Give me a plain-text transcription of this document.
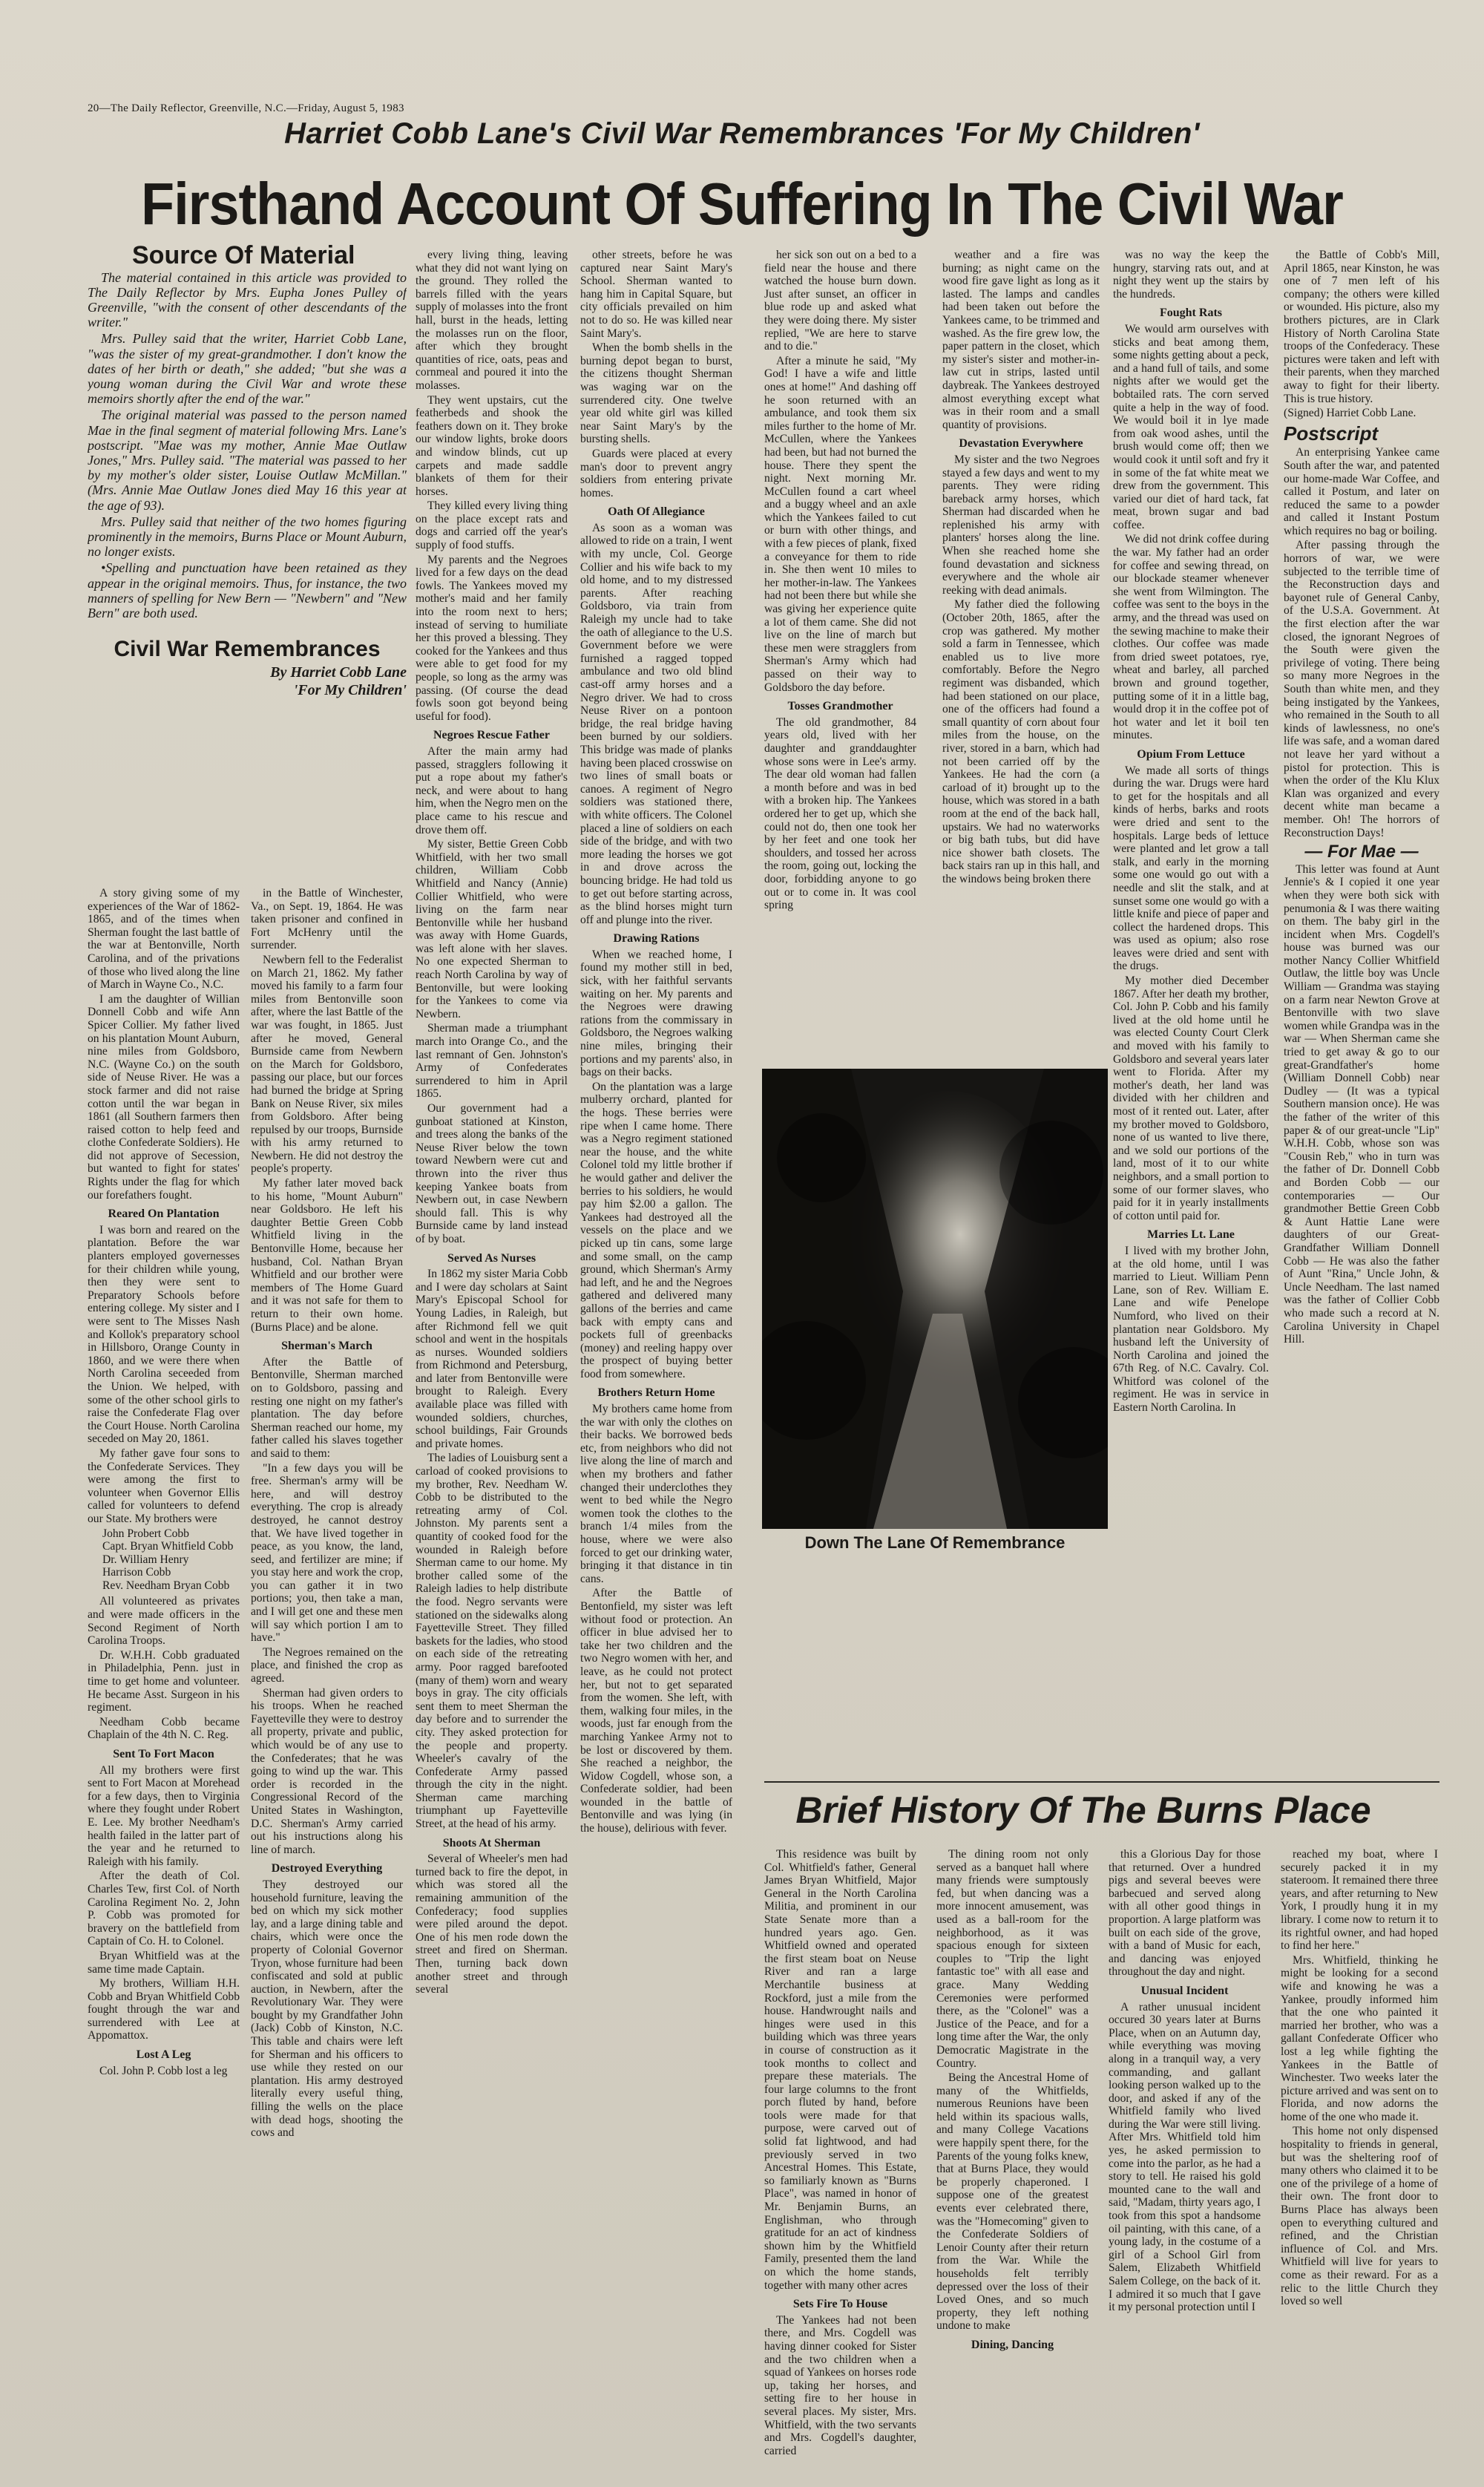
20—The Daily Reflector, Greenville, N.C.—Friday, August 5, 1983
Harriet Cobb Lane's Civil War Remembrances 'For My Children'
Firsthand Account Of Suffering In The Civil War
Source Of Material

The material contained in this article was provided to The Daily Reflector by Mrs. Eupha Jones Pulley of Greenville, "with the consent of other descendants of the writer."

Mrs. Pulley said that the writer, Harriet Cobb Lane, "was the sister of my great-grandmother. I don't know the dates of her birth or death," she added; "but she was a young woman during the Civil War and wrote these memoirs shortly after the end of the war."

The original material was passed to the person named Mae in the final segment of material following Mrs. Lane's postscript. "Mae was my mother, Annie Mae Outlaw Jones," Mrs. Pulley said. "The material was passed to her by my mother's older sister, Louise Outlaw McMillan." (Mrs. Annie Mae Outlaw Jones died May 16 this year at the age of 93).

Mrs. Pulley said that neither of the two homes figuring prominently in the memoirs, Burns Place or Mount Auburn, no longer exists.

•Spelling and punctuation have been retained as they appear in the original memoirs. Thus, for instance, the two manners of spelling for New Bern — "Newbern" and "New Bern" are both used.

Civil War Remembrances
By Harriet Cobb Lane
'For My Children'

A story giving some of my experiences of the War of 1862-1865, and of the times when Sherman fought the last battle of the war at Bentonville, North Carolina, and of the privations of those who lived along the line of March in Wayne Co., N.C.

I am the daughter of Willian Donnell Cobb and wife Ann Spicer Collier. My father lived on his plantation Mount Auburn, nine miles from Goldsboro, N.C. (Wayne Co.) on the south side of Neuse River. He was a stock farmer and did not raise cotton until the war began in 1861 (all Southern farmers then raised cotton to help feed and clothe Confederate Soldiers). He did not approve of Secession, but wanted to fight for states' Rights under the flag for which our forefathers fought.

Reared On Plantation

I was born and reared on the plantation. Before the war planters employed governesses for their children while young, then they were sent to Preparatory Schools before entering college. My sister and I were sent to The Misses Nash and Kollok's preparatory school in Hillsboro, Orange County in 1860, and we were there when North Carolina seceeded from the Union. We helped, with some of the other school girls to raise the Confederate Flag over the Court House. North Carolina seceded on May 20, 1861.

My father gave four sons to the Confederate Services. They were among the first to volunteer when Governor Ellis called for volunteers to defend our State. My brothers were

John Probert Cobb
Capt. Bryan Whitfield Cobb
Dr. William Henry
Harrison Cobb
Rev. Needham Bryan Cobb

All volunteered as privates and were made officers in the Second Regiment of North Carolina Troops.

Dr. W.H.H. Cobb graduated in Philadelphia, Penn. just in time to get home and volunteer. He became Asst. Surgeon in his regiment.

Needham Cobb became Chaplain of the 4th N. C. Reg.

Sent To Fort Macon

All my brothers were first sent to Fort Macon at Morehead for a few days, then to Virginia where they fought under Robert E. Lee. My brother Needham's health failed in the latter part of the year and he returned to Raleigh with his family.

After the death of Col. Charles Tew, first Col. of North Carolina Regiment No. 2, John P. Cobb was promoted for bravery on the battlefield from Captain of Co. H. to Colonel.

Bryan Whitfield was at the same time made Captain.

My brothers, William H.H. Cobb and Bryan Whitfield Cobb fought through the war and surrendered with Lee at Appomattox.

Lost A Leg

Col. John P. Cobb lost a leg

in the Battle of Winchester, Va., on Sept. 19, 1864. He was taken prisoner and confined in Fort McHenry until the surrender.

Newbern fell to the Federalist on March 21, 1862. My father moved his family to a farm four miles from Bentonville soon after, where the last Battle of the war was fought, in 1865. Just after he moved, General Burnside came from Newbern on the March for Goldsboro, passing our place, but our forces had burned the bridge at Spring Bank on Neuse River, six miles from Goldsboro. After being repulsed by our troops, Burnside with his army returned to Newbern. He did not destroy the people's property.

My father later moved back to his home, "Mount Auburn" near Goldsboro. He left his daughter Bettie Green Cobb Whitfield living in the Bentonville Home, because her husband, Col. Nathan Bryan Whitfield and our brother were members of The Home Guard and it was not safe for them to return to their own home. (Burns Place) and be alone.

Sherman's March

After the Battle of Bentonville, Sherman marched on to Goldsboro, passing and resting one night on my father's plantation. The day before Sherman reached our home, my father called his slaves together and said to them:

"In a few days you will be free. Sherman's army will be here, and will destroy everything. The crop is already destroyed, he cannot destroy that. We have lived together in peace, as you know, the land, seed, and fertilizer are mine; if you stay here and work the crop, you can gather it in two portions; you, then take a man, and I will get one and these men will say which portion I am to have."

The Negroes remained on the place, and finished the crop as agreed.

Sherman had given orders to his troops. When he reached Fayetteville they were to destroy all property, private and public, which would be of any use to the Confederates; that he was going to wind up the war. This order is recorded in the Congressional Record of the United States in Washington, D.C. Sherman's Army carried out his instructions along his line of march.

Destroyed Everything

They destroyed our household furniture, leaving the bed on which my sick mother lay, and a large dining table and chairs, which were once the property of Colonial Governor Tryon, whose furniture had been confiscated and sold at public auction, in Newbern, after the Revolutionary War. They were bought by my Grandfather John (Jack) Cobb of Kinston, N.C. This table and chairs were left for Sherman and his officers to use while they rested on our plantation. His army destroyed literally every useful thing, filling the wells on the place with dead hogs, shooting the cows and

every living thing, leaving what they did not want lying on the ground. They rolled the barrels filled with the years supply of molasses into the front hall, burst in the heads, letting the molasses run on the floor, after which they brought quantities of rice, oats, peas and cornmeal and poured it into the molasses.

They went upstairs, cut the featherbeds and shook the feathers down on it. They broke our window lights, broke doors and window blinds, cut up carpets and made saddle blankets of them for their horses.

They killed every living thing on the place except rats and dogs and carried off the year's supply of food stuffs.

My parents and the Negroes lived for a few days on the dead fowls. The Yankees moved my mother's maid and her family into the room next to hers; instead of serving to humiliate her this proved a blessing. They cooked for the Yankees and thus were able to get food for my people, so long as the army was passing. (Of course the dead fowls soon got beyond being useful for food).

Negroes Rescue Father

After the main army had passed, stragglers following it put a rope about my father's neck, and were about to hang him, when the Negro men on the place came to his rescue and drove them off.

My sister, Bettie Green Cobb Whitfield, with her two small children, William Cobb Whitfield and Nancy (Annie) Collier Whitfield, who were living on the farm near Bentonville while her husband was away with Home Guards, was left alone with her slaves. No one expected Sherman to reach North Carolina by way of Bentonville, but were looking for the Yankees to come via Newbern.

Sherman made a triumphant march into Orange Co., and the last remnant of Gen. Johnston's Army of Confederates surrendered to him in April 1865.

Our government had a gunboat stationed at Kinston, and trees along the banks of the Neuse River below the town toward Newbern were cut and thrown into the river thus keeping Yankee boats from Newbern out, in case Newbern should fall. This is why Burnside came by land instead of by boat.

Served As Nurses

In 1862 my sister Maria Cobb and I were day scholars at Saint Mary's Episcopal School for Young Ladies, in Raleigh, but after Richmond fell we quit school and went in the hospitals as nurses. Wounded soldiers from Richmond and Petersburg, and later from Bentonville were brought to Raleigh. Every available place was filled with wounded soldiers, churches, school buildings, Fair Grounds and private homes.

The ladies of Louisburg sent a carload of cooked provisions to my brother, Rev. Needham W. Cobb to be distributed to the retreating army of Col. Johnston. My parents sent a quantity of cooked food for the wounded in Raleigh before Sherman came to our home. My brother called some of the Raleigh ladies to help distribute the food. Negro servants were stationed on the sidewalks along Fayetteville Street. They filled baskets for the ladies, who stood on each side of the retreating army. Poor ragged barefooted (many of them) worn and weary boys in gray. The city officials sent them to meet Sherman the day before and to surrender the city. They asked protection for the people and property. Wheeler's cavalry of the Confederate Army passed through the city in the night. Sherman came marching triumphant up Fayetteville Street, at the head of his army.

Shoots At Sherman

Several of Wheeler's men had turned back to fire the depot, in which was stored all the remaining ammunition of the Confederacy; food supplies were piled around the depot. One of his men rode down the street and fired on Sherman. Then, turning back down another street and through several

other streets, before he was captured near Saint Mary's School. Sherman wanted to hang him in Capital Square, but city officials prevailed on him not to do so. He was killed near Saint Mary's.

When the bomb shells in the burning depot began to burst, the citizens thought Sherman was waging war on the surrendered city. One twelve year old white girl was killed near Saint Mary's by the bursting shells.

Guards were placed at every man's door to prevent angry soldiers from entering private homes.

Oath Of Allegiance

As soon as a woman was allowed to ride on a train, I went with my uncle, Col. George Collier and his wife back to my old home, and to my distressed parents. After reaching Goldsboro, via train from Raleigh my uncle had to take the oath of allegiance to the U.S. Government before we were furnished a ragged topped ambulance and two old blind cast-off army horses and a Negro driver. We had to cross Neuse River on a pontoon bridge, the real bridge having been burned by our soldiers. This bridge was made of planks having been placed crosswise on two lines of small boats or canoes. A regiment of Negro soldiers was stationed there, with white officers. The Colonel placed a line of soldiers on each side of the bridge, and with two more leading the horses we got in and drove across the bouncing bridge. He had told us to get out before starting across, as the blind horses might turn off and plunge into the river.

Drawing Rations

When we reached home, I found my mother still in bed, sick, with her faithful servants waiting on her. My parents and the Negroes were drawing rations from the commissary in Goldsboro, the Negroes walking nine miles, bringing their portions and my parents' also, in bags on their backs.

On the plantation was a large mulberry orchard, planted for the hogs. These berries were ripe when I came home. There was a Negro regiment stationed near the house, and the white Colonel told my little brother if he would gather and deliver the berries to his soldiers, he would pay him $2.00 a gallon. The Yankees had destroyed all the vessels on the place and we picked up tin cans, some large and some small, on the camp ground, which Sherman's Army had left, and he and the Negroes gathered and delivered many gallons of the berries and came back with empty cans and pockets full of greenbacks (money) and reeling happy over the prospect of buying better food from somewhere.

Brothers Return Home

My brothers came home from the war with only the clothes on their backs. We borrowed beds etc, from neighbors who did not live along the line of march and when my brothers and father changed their underclothes they went to bed while the Negro women took the clothes to the branch 1/4 miles from the house, where we were also forced to get our drinking water, bringing it that distance in tin cans.

After the Battle of Bentonfield, my sister was left without food or protection. An officer in blue advised her to take her two children and the two Negro women with her, and leave, as he could not protect her, but not to get separated from the women. She left, with them, walking four miles, in the woods, just far enough from the marching Yankee Army not to be lost or discovered by them. She reached a neighbor, the Widow Cogdell, whose son, a Confederate soldier, had been wounded in the battle of Bentonville and was lying (in the house), delirious with fever.

her sick son out on a bed to a field near the house and there watched the house burn down. Just after sunset, an officer in blue rode up and asked what they were doing there. My sister replied, "We are here to starve and to die."

After a minute he said, "My God! I have a wife and little ones at home!" And dashing off he soon returned with an ambulance, and took them six miles further to the home of Mr. McCullen, where the Yankees had been, but had not burned the house. There they spent the night. Next morning Mr. McCullen found a cart wheel and a buggy wheel and an axle which the Yankees failed to cut or burn with other things, and with a few pieces of plank, fixed a conveyance for them to ride in. She then went 10 miles to her mother-in-law. The Yankees had not been there but while she was giving her experience quite a lot of them came. She did not live on the line of march but these men were stragglers from Sherman's Army which had passed on their way to Goldsboro the day before.

Tosses Grandmother

The old grandmother, 84 years old, lived with her daughter and granddaughter whose sons were in Lee's army. The dear old woman had fallen a month before and was in bed with a broken hip. The Yankees ordered her to get up, which she could not do, then one took her by her feet and one took her shoulders, and tossed her across the room, going out, locking the door, forbidding anyone to go out or to come in. It was cool spring

weather and a fire was burning; as night came on the wood fire gave light as long as it lasted. The lamps and candles had been taken out before the Yankees came, to be trimmed and washed. As the fire grew low, the paper pattern in the closet, which my sister's sister and mother-in-law cut in strips, lasted until daybreak. The Yankees destroyed almost everything except what was in their room and a small quantity of provisions.

Devastation Everywhere

My sister and the two Negroes stayed a few days and went to my parents. They were riding bareback army horses, which Sherman had discarded when he replenished his army with planters' horses along the line. When she reached home she found devastation and sickness everywhere and the whole air reeking with dead animals.

My father died the following (October 20th, 1865, after the crop was gathered. My mother sold a farm in Tennessee, which enabled us to live more comfortably. Before the Negro regiment was disbanded, which had been stationed on our place, one of the officers had found a small quantity of corn about four miles from the house, on the river, stored in a barn, which had not been carried off by the Yankees. He had the corn (a carload of it) brought up to the house, which was stored in a bath room at the end of the back hall, upstairs. We had no waterworks or big bath tubs, but did have nice shower bath closets. The back stairs ran up in this hall, and the windows being broken there

was no way the keep the hungry, starving rats out, and at night they went up the stairs by the hundreds.

Fought Rats

We would arm ourselves with sticks and beat among them, some nights getting about a peck, and a hand full of tails, and some nights after we would get the bobtailed rats. The corn served quite a help in the way of food. We would boil it in lye made from oak wood ashes, until the brush would come off; then we would cook it until soft and fry it in some of the fat white meat we drew from the government. This varied our diet of hard tack, fat meat, brown sugar and bad coffee.

We did not drink coffee during the war. My father had an order for coffee and sewing thread, on our blockade steamer whenever she went from Wilmington. The coffee was sent to the boys in the army, and the thread was used on the sewing machine to make their clothes. Our coffee was made from dried sweet potatoes, rye, wheat and barley, all parched brown and ground together, putting some of it in a little bag, would drop it in the coffee pot of hot water and let it boil ten minutes.

Opium From Lettuce

We made all sorts of things during the war. Drugs were hard to get for the hospitals and all kinds of herbs, barks and roots were dried and sent to the hospitals. Large beds of lettuce were planted and let grow a tall stalk, and early in the morning some one would go out with a needle and slit the stalk, and at sunset some one would go with a little knife and piece of paper and collect the hardened drops. This was used as opium; also rose leaves were dried and sent with the drugs.

My mother died December 1867. After her death my brother, Col. John P. Cobb and his family lived at the old home until he was elected County Court Clerk and moved with his family to Goldsboro and several years later went to Florida. After my mother's death, her land was divided with her children and most of it rented out. Later, after my brother moved to Goldsboro, none of us wanted to live there, and we sold our portions of the land, most of it to our white neighbors, and a small portion to some of our former slaves, who paid for it in yearly installments of cotton until paid for.

Marries Lt. Lane

I lived with my brother John, at the old home, until I was married to Lieut. William Penn Lane, son of Rev. William E. Lane and wife Penelope Numford, who lived on their plantation near Goldsboro. My husband left the University of North Carolina and joined the 67th Reg. of N.C. Cavalry. Col. Whitford was colonel of the regiment. He was in service in Eastern North Carolina. In

the Battle of Cobb's Mill, April 1865, near Kinston, he was one of 7 men left of his company; the others were killed or wounded. His picture, also my brothers pictures, are in Clark History of North Carolina State troops of the Confederacy. These pictures were taken and left with their parents, when they marched away to fight for their liberty. This is true history.

(Signed) Harriet Cobb Lane.

Postscript

An enterprising Yankee came South after the war, and patented our home-made War Coffee, and called it Postum, and later on reduced the same to a powder and called it Instant Postum which requires no bag or boiling.

After passing through the horrors of war, we were subjected to the terrible time of the Reconstruction days and bayonet rule of General Canby, of the U.S.A. Government. At the first election after the war closed, the ignorant Negroes of the South were given the privilege of voting. There being so many more Negroes in the South than white men, and they being instigated by the Yankees, who remained in the South to all kinds of lawlessness, no one's life was safe, and a woman dared not leave her yard without a pistol for protection. This is when the order of the Klu Klux Klan was organized and every decent white man became a member. Oh! The horrors of Reconstruction Days!

— For Mae —

This letter was found at Aunt Jennie's & I copied it one year when they were both sick with penumonia & I was there waiting on them. The baby girl in the incident when Mrs. Cogdell's house was burned was our mother Nancy Collier Whitfield Outlaw, the little boy was Uncle William — Grandma was staying on a farm near Newton Grove at Bentonville with two slave women while Grandpa was in the war — When Sherman came she tried to get away & go to our great-Grandfather's home (William Donnell Cobb) near Dudley — (It was a typical Southern mansion once). He was the father of the writer of this paper & of our great-uncle "Lip" W.H.H. Cobb, whose son was "Cousin Reb," who in turn was the father of Dr. Donnell Cobb and Borden Cobb — our contemporaries — Our grandmother Bettie Green Cobb & Aunt Hattie Lane were daughters of our Great-Grandfather William Donnell Cobb — He was also the father of Aunt "Rina," Uncle John, & Uncle Needham. The last named was the father of Collier Cobb who made such a record at N. Carolina University in Chapel Hill.

Down The Lane Of Remembrance
Brief History Of The Burns Place

This residence was built by Col. Whitfield's father, General James Bryan Whitfield, Major General in the North Carolina Militia, and prominent in our State Senate more than a hundred years ago. Gen. Whitfield owned and operated the first steam boat on Neuse River and ran a large Merchantile business at Rockford, just a mile from the house. Handwrought nails and hinges were used in this building which was three years in course of construction as it took months to collect and prepare these materials. The four large columns to the front porch fluted by hand, before tools were made for that purpose, were carved out of solid fat lightwood, and had previously served in two Ancestral Homes. This Estate, so familiarly known as "Burns Place", was named in honor of Mr. Benjamin Burns, an Englishman, who through gratitude for an act of kindness shown him by the Whitfield Family, presented them the land on which the home stands, together with many other acres

Sets Fire To House

The Yankees had not been there, and Mrs. Cogdell was having dinner cooked for Sister and the two children when a squad of Yankees on horses rode up, taking her horses, and setting fire to her house in several places. My sister, Mrs. Whitfield, with the two servants and Mrs. Cogdell's daughter, carried

The dining room not only served as a banquet hall where many friends were sumptously fed, but when dancing was a more innocent amusement, was used as a ball-room for the neighborhood, as it was spacious enough for sixteen couples to "Trip the light fantastic toe" with all ease and grace. Many Wedding Ceremonies were performed there, as the "Colonel" was a Justice of the Peace, and for a long time after the War, the only Democratic Magistrate in the Country.

Being the Ancestral Home of many of the Whitfields, numerous Reunions have been held within its spacious walls, and many College Vacations were happily spent there, for the Parents of the young folks knew, that at Burns Place, they would be properly chaperoned. I suppose one of the greatest events ever celebrated there, was the "Homecoming" given to the Confederate Soldiers of Lenoir County after their return from the War. While the households felt terribly depressed over the loss of their Loved Ones, and so much property, they left nothing undone to make

Dining, Dancing

this a Glorious Day for those that returned. Over a hundred pigs and several beeves were barbecued and served along with all other good things in proportion. A large platform was built on each side of the grove, with a band of Music for each, and dancing was enjoyed throughout the day and night.

Unusual Incident

A rather unusual incident occured 30 years later at Burns Place, when on an Autumn day, while everything was moving along in a tranquil way, a very commanding, and gallant looking person walked up to the door, and asked if any of the Whitfield family who lived during the War were still living. After Mrs. Whitfield told him yes, he asked permission to come into the parlor, as he had a story to tell. He raised his gold mounted cane to the wall and said, "Madam, thirty years ago, I took from this spot a handsome oil painting, with this cane, of a young lady, in the costume of a girl of a School Girl from Salem, Elizabeth Whitfield Salem College, on the back of it. I admired it so much that I gave it my personal protection until I

reached my boat, where I securely packed it in my stateroom. It remained there three years, and after returning to New York, I proudly hung it in my library. I come now to return it to its rightful owner, and had hoped to find her here."

Mrs. Whitfield, thinking he might be looking for a second wife and knowing he was a Yankee, proudly informed him that the one who painted it married her brother, who was a gallant Confederate Officer who lost a leg while fighting the Yankees in the Battle of Winchester. Two weeks later the picture arrived and was sent on to Florida, and now adorns the home of the one who made it.

This home not only dispensed hospitality to friends in general, but was the sheltering roof of many others who claimed it to be one of the privilege of a home of their own. The front door to Burns Place has always been open to everything cultured and refined, and the Christian influence of Col. and Mrs. Whitfield will live for years to come as their reward. For as a relic to the little Church they loved so well
